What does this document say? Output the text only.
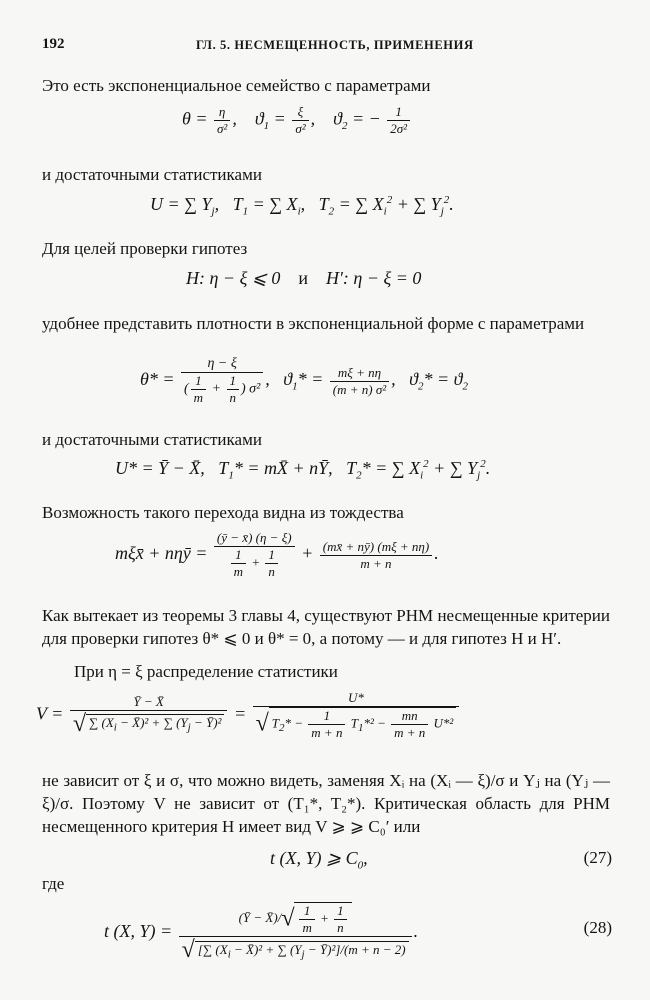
192	ГЛ. 5. НЕСМЕЩЕННОСТЬ, ПРИМЕНЕНИЯ
Это есть экспоненциальное семейство с параметрами
$\theta = \frac{\eta}{\text{σ²}}$ ,    $ϑ_1 = \frac{\xi}{\text{σ²}}$ ,    $ϑ_2$ = − $\frac{1}{\text{2σ²}}$
и достаточными статистиками
U = ∑ $Y_j$,   $T_1$ = ∑ $X_i$,   $T_2$ = ∑ $X_i^2$ + ∑ $Y_j^2$.
Для целей проверки гипотез
H: η − ξ ⩽ 0    и    H′: η − ξ = 0
удобнее представить плотности в экспоненциальной форме с параметрами
$\theta* = \frac{\eta - \xi}{( \frac{1}{m} + \frac{1}{n} ) \sigma^2}$ ,   $ϑ_1* = \frac{m\xi + n\eta}{\text{(m + n) σ²}}$ ,   $ϑ_2* = ϑ_2$
и достаточными статистиками
U* = Ȳ − X̄,   $T_1*$ = mX̄ + nȲ,   $T_2*$ = ∑ $X_i^2$ + ∑ $Y_j^2$.
Возможность такого перехода видна из тождества
mξx̄ + nηȳ = $\frac{(ȳ - x̄) (\eta - \xi)}{\frac{1}{m} + \frac{1}{n}} + \frac{(mx̄ + nȳ) (m\xi + n\eta)}{m + n}$ .
Как вытекает из теоремы 3 главы 4, существуют РНМ несмещенные критерии для проверки гипотез θ* ⩽ 0 и θ* = 0, а потому — и для гипотез H и H′.
При η = ξ распределение статистики
$V = \frac{Ȳ - X̄}{√ \sum (X_i - X̄)^2 + \sum (Y_j - Ȳ)^2} = \frac{U*}{√ T_2* - \frac{1}{m + n} T_1*^2 - \frac{mn}{m + n} U*^2}$
не зависит от ξ и σ, что можно видеть, заменяя Xᵢ на (Xᵢ — ξ)/σ и Yⱼ на (Yⱼ — ξ)/σ. Поэтому V не зависит от (T₁*, T₂*). Критическая область для РНМ несмещенного критерия H имеет вид V ⩾ ⩾ C₀′ или
t (X, Y) ⩾ $C_0$,	(27)
где
t (X, $Y) = \frac{(Ȳ - X̄)/√ \frac{1}{m} + \frac{1}{n}}{√ [\sum (X_i - X̄)^2 + \sum (Y_j - Ȳ)^2]/(m + n - 2)}$ .	(28)
